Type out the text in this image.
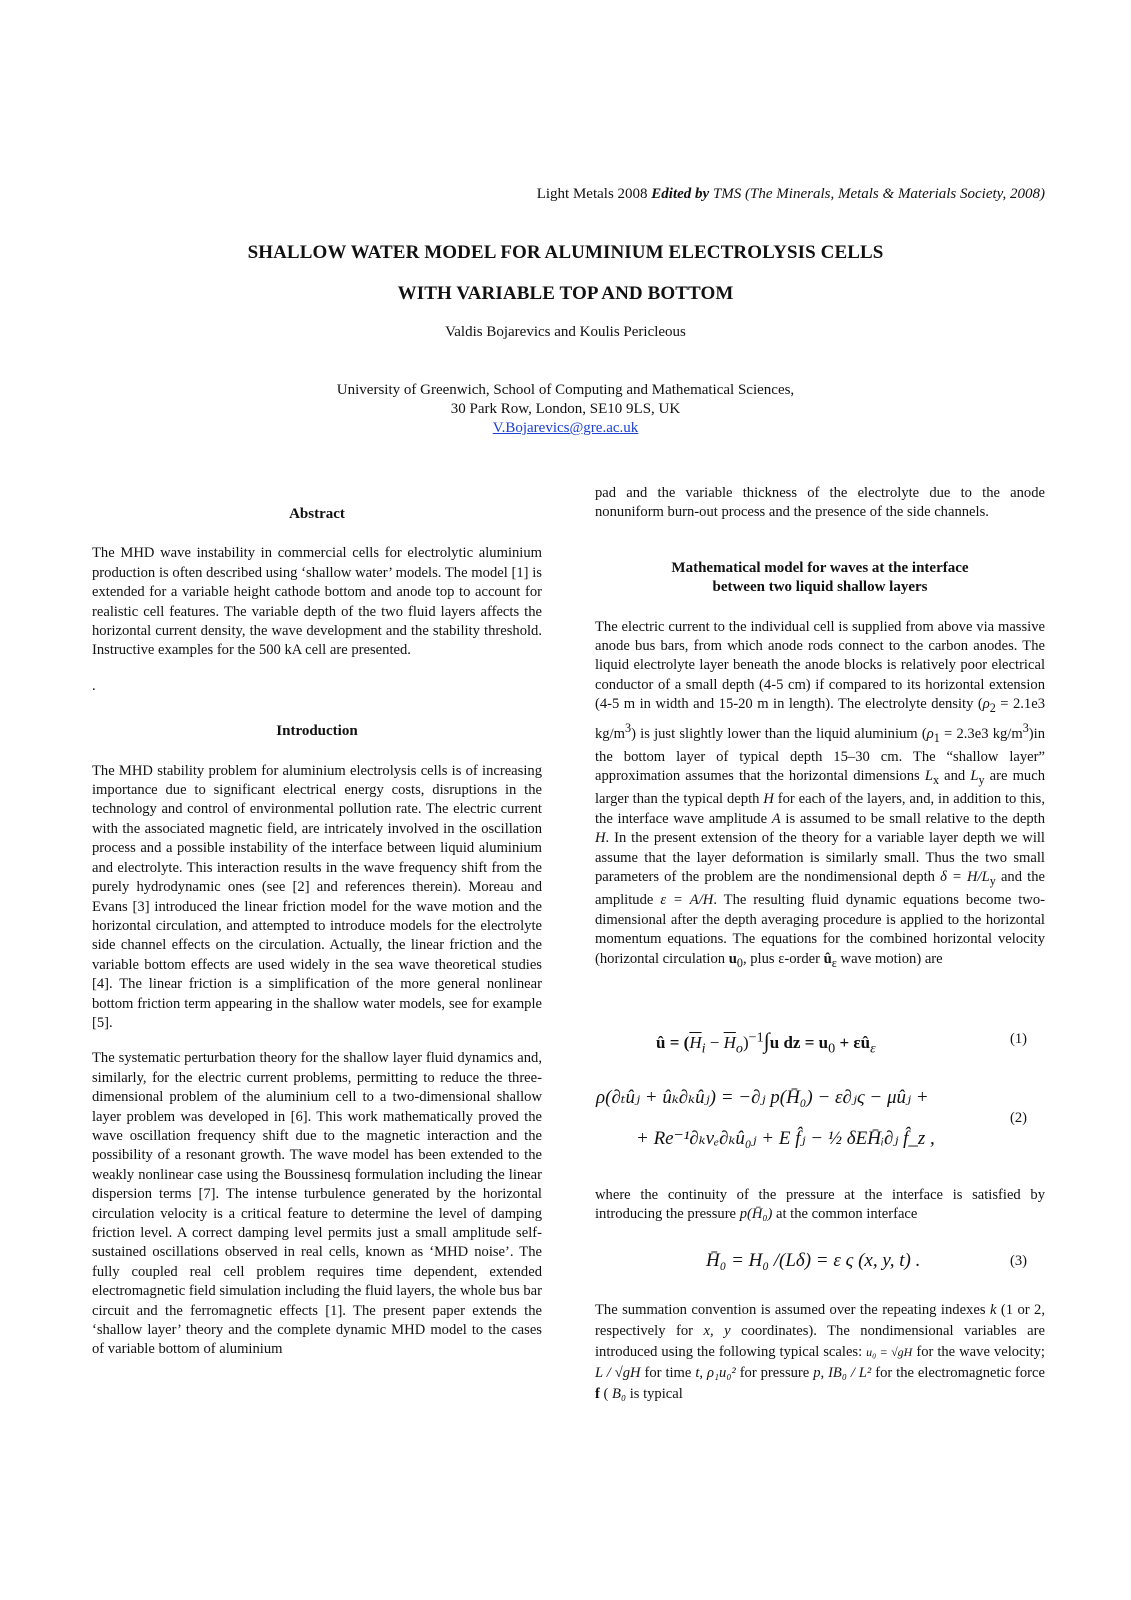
Light Metals 2008 Edited by TMS (The Minerals, Metals & Materials Society, 2008)
SHALLOW WATER MODEL FOR ALUMINIUM ELECTROLYSIS CELLS
WITH VARIABLE TOP AND BOTTOM
Valdis Bojarevics and Koulis Pericleous
University of Greenwich, School of Computing and Mathematical Sciences,
30 Park Row, London, SE10 9LS, UK
V.Bojarevics@gre.ac.uk
Abstract

The MHD wave instability in commercial cells for electrolytic aluminium production is often described using ‘shallow water’ models. The model [1] is extended for a variable height cathode bottom and anode top to account for realistic cell features. The variable depth of the two fluid layers affects the horizontal current density, the wave development and the stability threshold. Instructive examples for the 500 kA cell are presented.

.

Introduction

The MHD stability problem for aluminium electrolysis cells is of increasing importance due to significant electrical energy costs, disruptions in the technology and control of environmental pollution rate. The electric current with the associated magnetic field, are intricately involved in the oscillation process and a possible instability of the interface between liquid aluminium and electrolyte. This interaction results in the wave frequency shift from the purely hydrodynamic ones (see [2] and references therein). Moreau and Evans [3] introduced the linear friction model for the wave motion and the horizontal circulation, and attempted to introduce models for the electrolyte side channel effects on the circulation. Actually, the linear friction and the variable bottom effects are used widely in the sea wave theoretical studies [4]. The linear friction is a simplification of the more general nonlinear bottom friction term appearing in the shallow water models, see for example [5].

The systematic perturbation theory for the shallow layer fluid dynamics and, similarly, for the electric current problems, permitting to reduce the three-dimensional problem of the aluminium cell to a two-dimensional shallow layer problem was developed in [6]. This work mathematically proved the wave oscillation frequency shift due to the magnetic interaction and the possibility of a resonant growth. The wave model has been extended to the weakly nonlinear case using the Boussinesq formulation including the linear dispersion terms [7]. The intense turbulence generated by the horizontal circulation velocity is a critical feature to determine the level of damping friction level. A correct damping level permits just a small amplitude self-sustained oscillations observed in real cells, known as ‘MHD noise’. The fully coupled real cell problem requires time dependent, extended electromagnetic field simulation including the fluid layers, the whole bus bar circuit and the ferromagnetic effects [1]. The present paper extends the ‘shallow layer’ theory and the complete dynamic MHD model to the cases of variable bottom of aluminium

pad and the variable thickness of the electrolyte due to the anode nonuniform burn-out process and the presence of the side channels.

Mathematical model for waves at the interface
between two liquid shallow layers

The electric current to the individual cell is supplied from above via massive anode bus bars, from which anode rods connect to the carbon anodes. The liquid electrolyte layer beneath the anode blocks is relatively poor electrical conductor of a small depth (4-5 cm) if compared to its horizontal extension (4-5 m in width and 15-20 m in length). The electrolyte density ($\rho_2 = 2.1e3$ $kg/m^3$) is just slightly lower than the liquid aluminium ($\rho_1 = 2.3e3$ $kg/m^3)in$ the bottom layer of typical depth 15–30 cm. The “shallow layer” approximation assumes that the horizontal dimensions $L_x$ and $L_y$ are much larger than the typical depth H for each of the layers, and, in addition to this, the interface wave amplitude A is assumed to be small relative to the depth H. In the present extension of the theory for a variable layer depth we will assume that the layer deformation is similarly small. Thus the two small parameters of the problem are the nondimensional depth $\delta = H/L_y$ and the amplitude ε = A/H. The resulting fluid dynamic equations become two-dimensional after the depth averaging procedure is applied to the horizontal momentum equations. The equations for the combined horizontal velocity (horizontal circulation $u_0$, plus ε-order $û_\varepsilon$ wave motion) are

û = $(\overline{H}_i - \overline{H}_o)^{-1}\int u$ dz = $u_0$ + $\varepsilon û_\varepsilon$
(1)
ρ(∂ₜûⱼ + ûₖ∂ₖûⱼ) = −∂ⱼ p(H̄₀) − ε∂ⱼς − μûⱼ +
+ Re⁻¹∂ₖνₑ∂ₖû₀ⱼ + E f̂ⱼ − ½ δEH̄ᵢ∂ⱼ f̂_z ,
(2)

where the continuity of the pressure at the interface is satisfied by introducing the pressure p(H̄₀) at the common interface

H̄₀ = H₀ /(Lδ) = ε ς (x, y, t) .	(3)

The summation convention is assumed over the repeating indexes k (1 or 2, respectively for x, y coordinates). The nondimensional variables are introduced using the following typical scales: u₀ = √gH for the wave velocity; L / √gH for time t, ρ₁u₀² for pressure p, IB₀ / L² for the electromagnetic force f ( B₀ is typical
